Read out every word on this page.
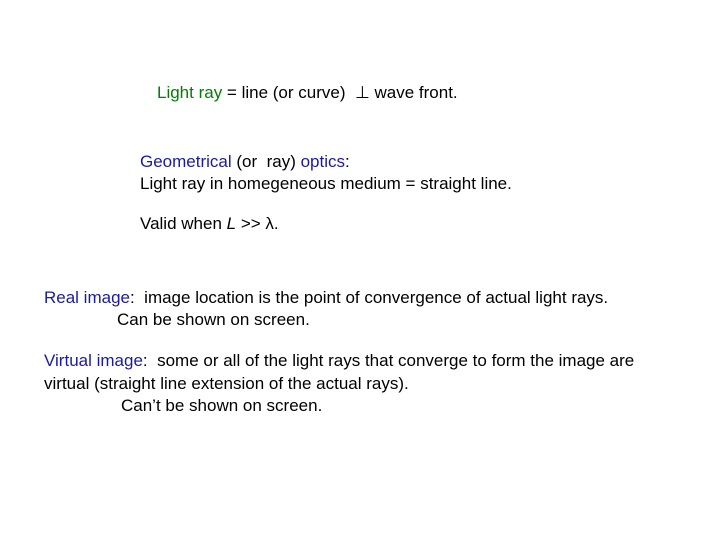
Light ray = line (or curve)  ⊥ wave front.
Geometrical (or  ray) optics:
Light ray in homegeneous medium = straight line.
Valid when L >> λ.
Real image:  image location is the point of convergence of actual light rays.
Can be shown on screen.
Virtual image:  some or all of the light rays that converge to form the image are
virtual (straight line extension of the actual rays).
Can’t be shown on screen.
